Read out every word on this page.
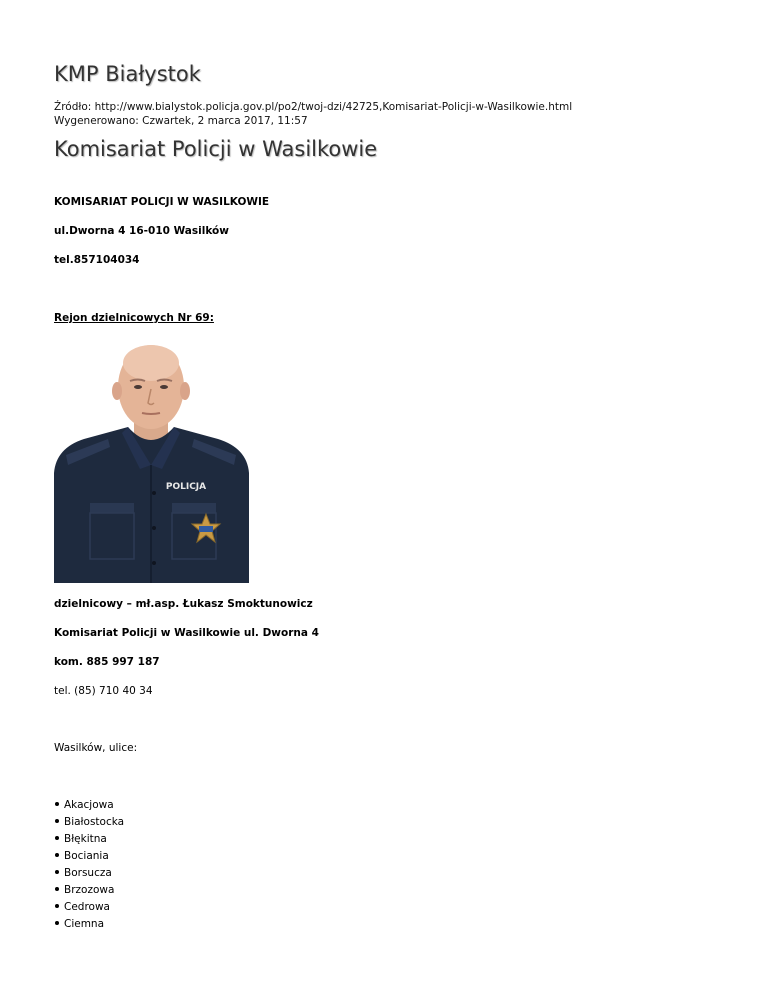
KMP Białystok
Źródło: http://www.bialystok.policja.gov.pl/po2/twoj-dzi/42725,Komisariat-Policji-w-Wasilkowie.html
Wygenerowano: Czwartek, 2 marca 2017, 11:57
Komisariat Policji w Wasilkowie
KOMISARIAT POLICJI W WASILKOWIE
ul.Dworna 4 16-010 Wasilków
tel.857104034
Rejon dzielnicowych Nr 69:
POLICJA
dzielnicowy – mł.asp. Łukasz Smoktunowicz
Komisariat Policji w Wasilkowie ul. Dworna 4
kom. 885 997 187
tel. (85) 710 40 34
Wasilków, ulice:
Akacjowa
Białostocka
Błękitna
Bociania
Borsucza
Brzozowa
Cedrowa
Ciemna
